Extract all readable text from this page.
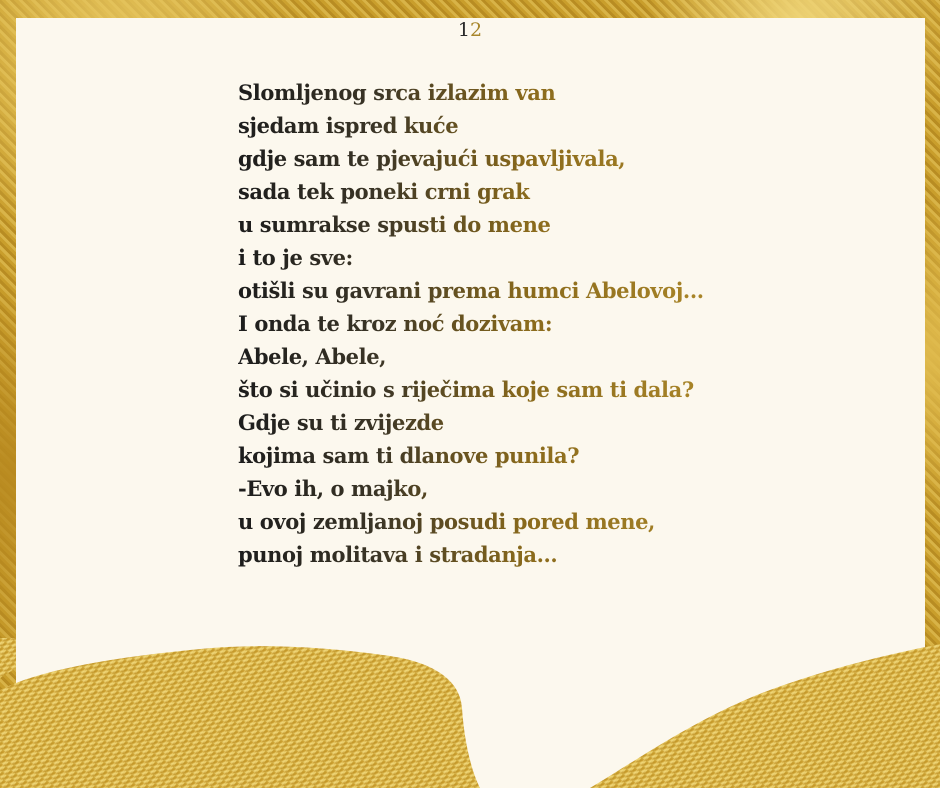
12
Slomljenog srca izlazim van
sjedam ispred kuće
gdje sam te pjevajući uspavljivala,
sada tek poneki crni grak
u sumrakse spusti do mene
i to je sve:
otišli su gavrani prema humci Abelovoj...
I onda te kroz noć dozivam:
Abele, Abele,
što si učinio s riječima koje sam ti dala?
Gdje su ti zvijezde
kojima sam ti dlanove punila?
-Evo ih, o majko,
u ovoj zemljanoj posudi pored mene,
punoj molitava i stradanja...
